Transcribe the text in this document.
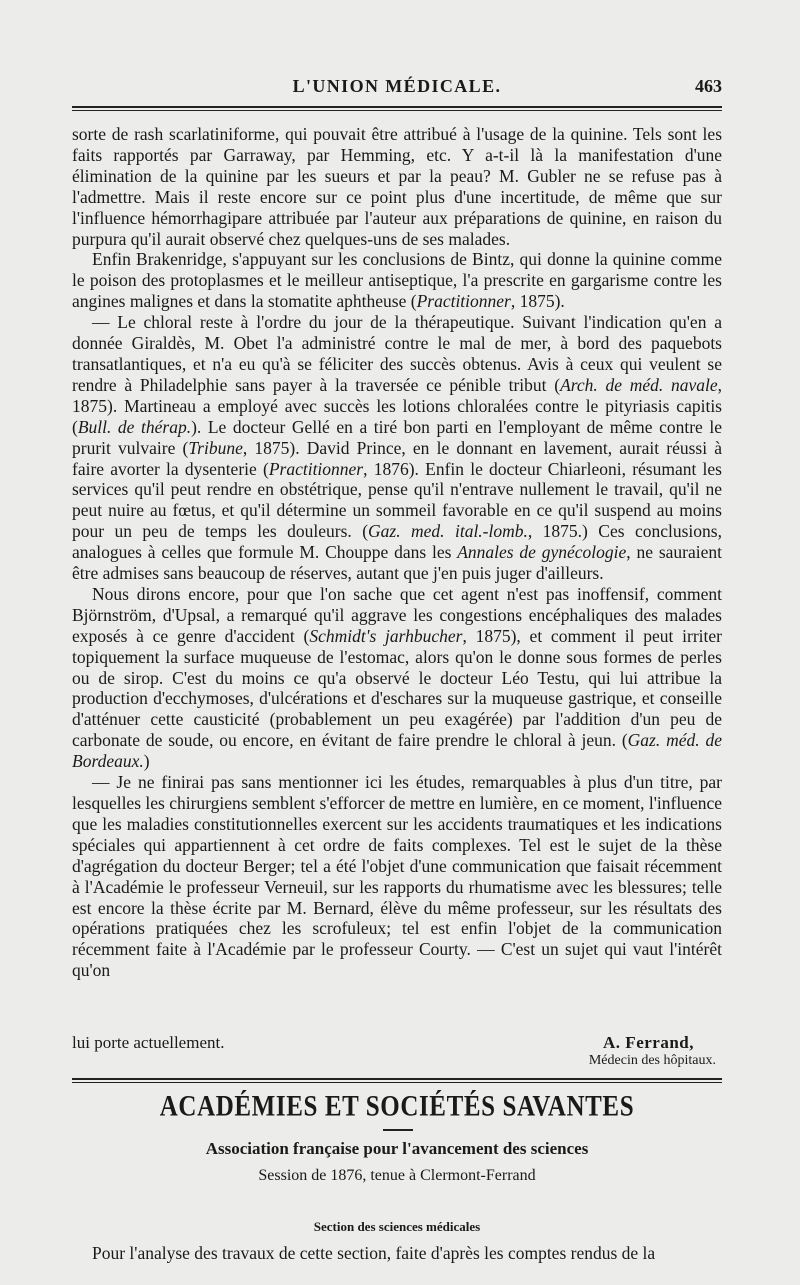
L'UNION MÉDICALE.	463

sorte de rash scarlatiniforme, qui pouvait être attribué à l'usage de la quinine. Tels sont les faits rapportés par Garraway, par Hemming, etc. Y a-t-il là la manifestation d'une élimination de la quinine par les sueurs et par la peau? M. Gubler ne se refuse pas à l'admettre. Mais il reste encore sur ce point plus d'une incertitude, de même que sur l'influence hémorrhagipare attribuée par l'auteur aux préparations de quinine, en raison du purpura qu'il aurait observé chez quelques-uns de ses malades.

Enfin Brakenridge, s'appuyant sur les conclusions de Bintz, qui donne la quinine comme le poison des protoplasmes et le meilleur antiseptique, l'a prescrite en gargarisme contre les angines malignes et dans la stomatite aphtheuse (Practitionner, 1875).

— Le chloral reste à l'ordre du jour de la thérapeutique. Suivant l'indication qu'en a donnée Giraldès, M. Obet l'a administré contre le mal de mer, à bord des paquebots transatlantiques, et n'a eu qu'à se féliciter des succès obtenus. Avis à ceux qui veulent se rendre à Philadelphie sans payer à la traversée ce pénible tribut (Arch. de méd. navale, 1875). Martineau a employé avec succès les lotions chloralées contre le pityriasis capitis (Bull. de thérap.). Le docteur Gellé en a tiré bon parti en l'employant de même contre le prurit vulvaire (Tribune, 1875). David Prince, en le donnant en lavement, aurait réussi à faire avorter la dysenterie (Practitionner, 1876). Enfin le docteur Chiarleoni, résumant les services qu'il peut rendre en obstétrique, pense qu'il n'entrave nullement le travail, qu'il ne peut nuire au fœtus, et qu'il détermine un sommeil favorable en ce qu'il suspend au moins pour un peu de temps les douleurs. (Gaz. med. ital.-lomb., 1875.) Ces conclusions, analogues à celles que formule M. Chouppe dans les Annales de gynécologie, ne sauraient être admises sans beaucoup de réserves, autant que j'en puis juger d'ailleurs.

Nous dirons encore, pour que l'on sache que cet agent n'est pas inoffensif, comment Björnström, d'Upsal, a remarqué qu'il aggrave les congestions encéphaliques des malades exposés à ce genre d'accident (Schmidt's jarhbucher, 1875), et comment il peut irriter topiquement la surface muqueuse de l'estomac, alors qu'on le donne sous formes de perles ou de sirop. C'est du moins ce qu'a observé le docteur Léo Testu, qui lui attribue la production d'ecchymoses, d'ulcérations et d'eschares sur la muqueuse gastrique, et conseille d'atténuer cette causticité (probablement un peu exagérée) par l'addition d'un peu de carbonate de soude, ou encore, en évitant de faire prendre le chloral à jeun. (Gaz. méd. de Bordeaux.)

— Je ne finirai pas sans mentionner ici les études, remarquables à plus d'un titre, par lesquelles les chirurgiens semblent s'efforcer de mettre en lumière, en ce moment, l'influence que les maladies constitutionnelles exercent sur les accidents traumatiques et les indications spéciales qui appartiennent à cet ordre de faits complexes. Tel est le sujet de la thèse d'agrégation du docteur Berger; tel a été l'objet d'une communication que faisait récemment à l'Académie le professeur Verneuil, sur les rapports du rhumatisme avec les blessures; telle est encore la thèse écrite par M. Bernard, élève du même professeur, sur les résultats des opérations pratiquées chez les scrofuleux; tel est enfin l'objet de la communication récemment faite à l'Académie par le professeur Courty. — C'est un sujet qui vaut l'intérêt qu'on

lui porte actuellement.	A. Ferrand,
Médecin des hôpitaux.
ACADÉMIES ET SOCIÉTÉS SAVANTES
Association française pour l'avancement des sciences
Session de 1876, tenue à Clermont-Ferrand
Section des sciences médicales
Pour l'analyse des travaux de cette section, faite d'après les comptes rendus de la
